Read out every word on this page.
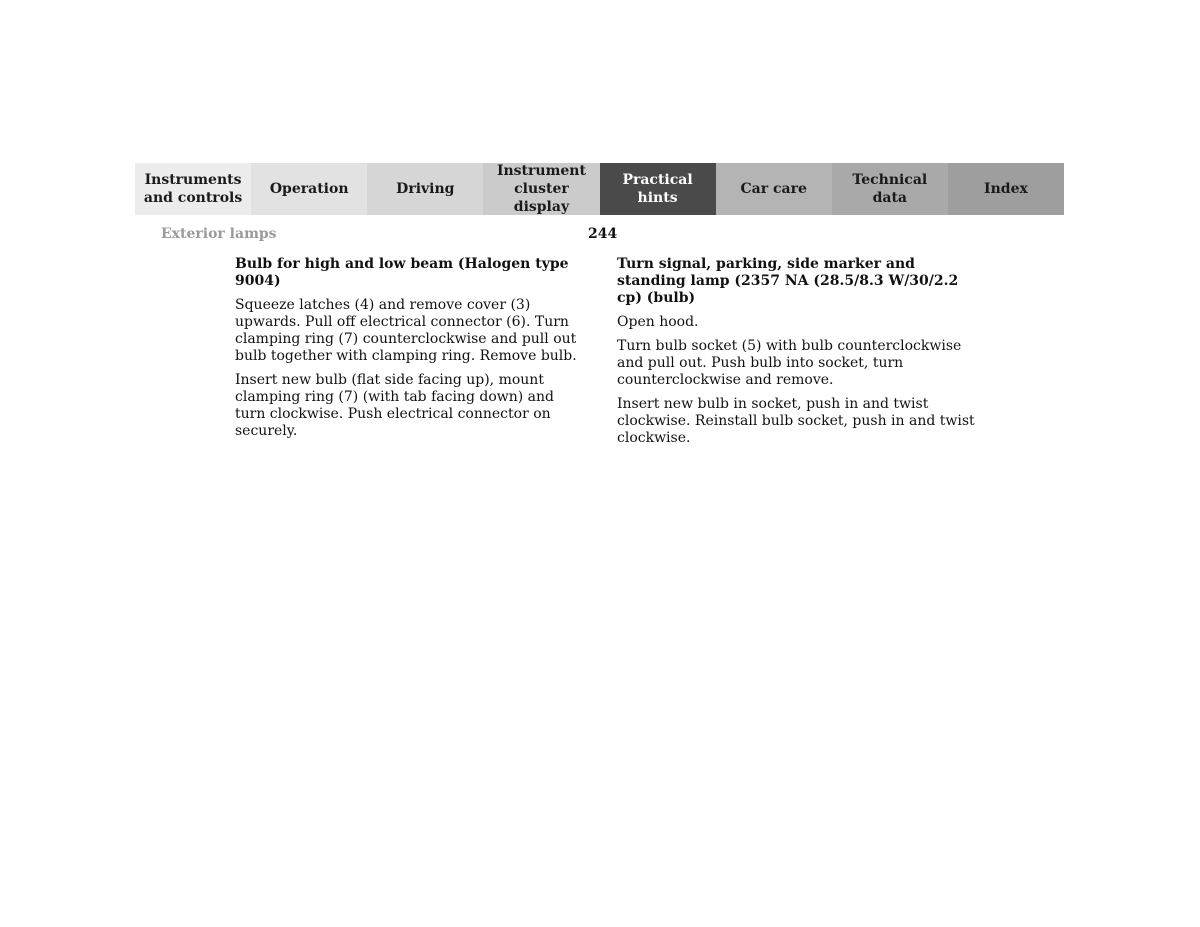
Instruments
and controls
Operation	Driving
Instrument
cluster display
Practical hints
Car care
Technical
data
Index
Exterior lamps	244
Bulb for high and low beam (Halogen type 9004)

Squeeze latches (4) and remove cover (3) upwards. Pull off electrical connector (6). Turn clamping ring (7) counterclockwise and pull out bulb together with clamping ring. Remove bulb.

Insert new bulb (flat side facing up), mount clamping ring (7) (with tab facing down) and turn clockwise. Push electrical connector on securely.

Turn signal, parking, side marker and standing lamp (2357 NA (28.5/8.3 W/30/2.2 cp) (bulb)

Open hood.

Turn bulb socket (5) with bulb counterclockwise and pull out. Push bulb into socket, turn counterclockwise and remove.

Insert new bulb in socket, push in and twist clockwise. Reinstall bulb socket, push in and twist clockwise.
